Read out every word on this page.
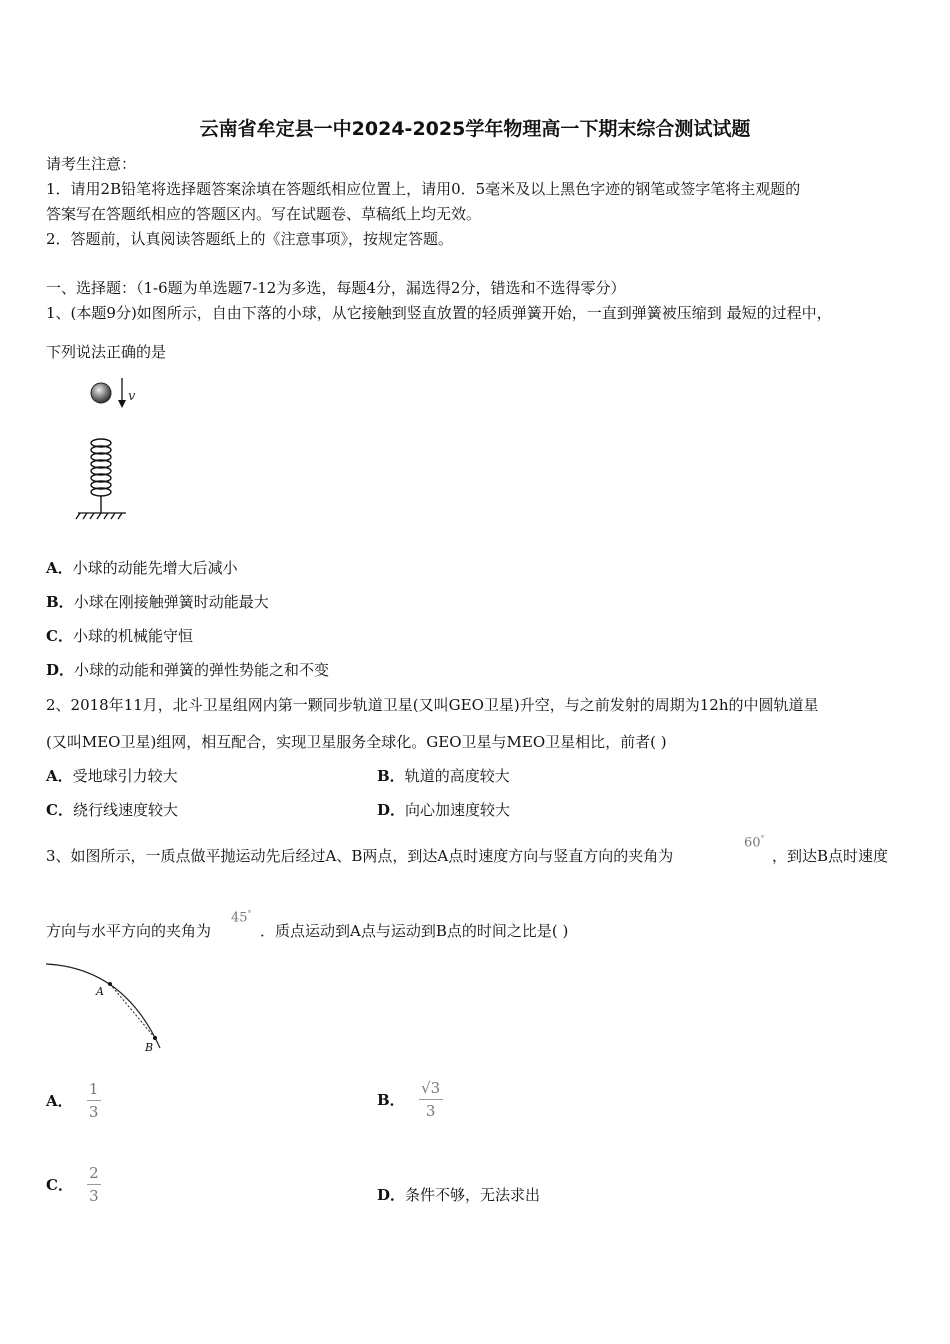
云南省牟定县一中2024-2025学年物理高一下期末综合测试试题
请考生注意：
1．请用2B铅笔将选择题答案涂填在答题纸相应位置上，请用0．5毫米及以上黑色字迹的钢笔或签字笔将主观题的
答案写在答题纸相应的答题区内。写在试题卷、草稿纸上均无效。
2．答题前，认真阅读答题纸上的《注意事项》，按规定答题。
一、选择题：（1-6题为单选题7-12为多选，每题4分，漏选得2分，错选和不选得零分）
1、(本题9分)如图所示，自由下落的小球，从它接触到竖直放置的轻质弹簧开始，一直到弹簧被压缩到 最短的过程中，
下列说法正确的是
v
A．小球的动能先增大后减小
B．小球在刚接触弹簧时动能最大
C．小球的机械能守恒
D．小球的动能和弹簧的弹性势能之和不变
2、2018年11月，北斗卫星组网内第一颗同步轨道卫星(又叫GEO卫星)升空，与之前发射的周期为12h的中圆轨道星
(又叫MEO卫星)组网，相互配合，实现卫星服务全球化。GEO卫星与MEO卫星相比，前者( )
A．受地球引力较大	B．轨道的高度较大
C．绕行线速度较大	D．向心加速度较大
3、如图所示，一质点做平抛运动先后经过A、B两点，到达A点时速度方向与竖直方向的夹角为
60°
，到达B点时速度
方向与水平方向的夹角为
45°
．质点运动到A点与运动到B点的时间之比是( )
A
B
A． $\frac{1}{3}$	B． $\frac{√3}{3}$
C． $\frac{2}{3}$	D．条件不够，无法求出
